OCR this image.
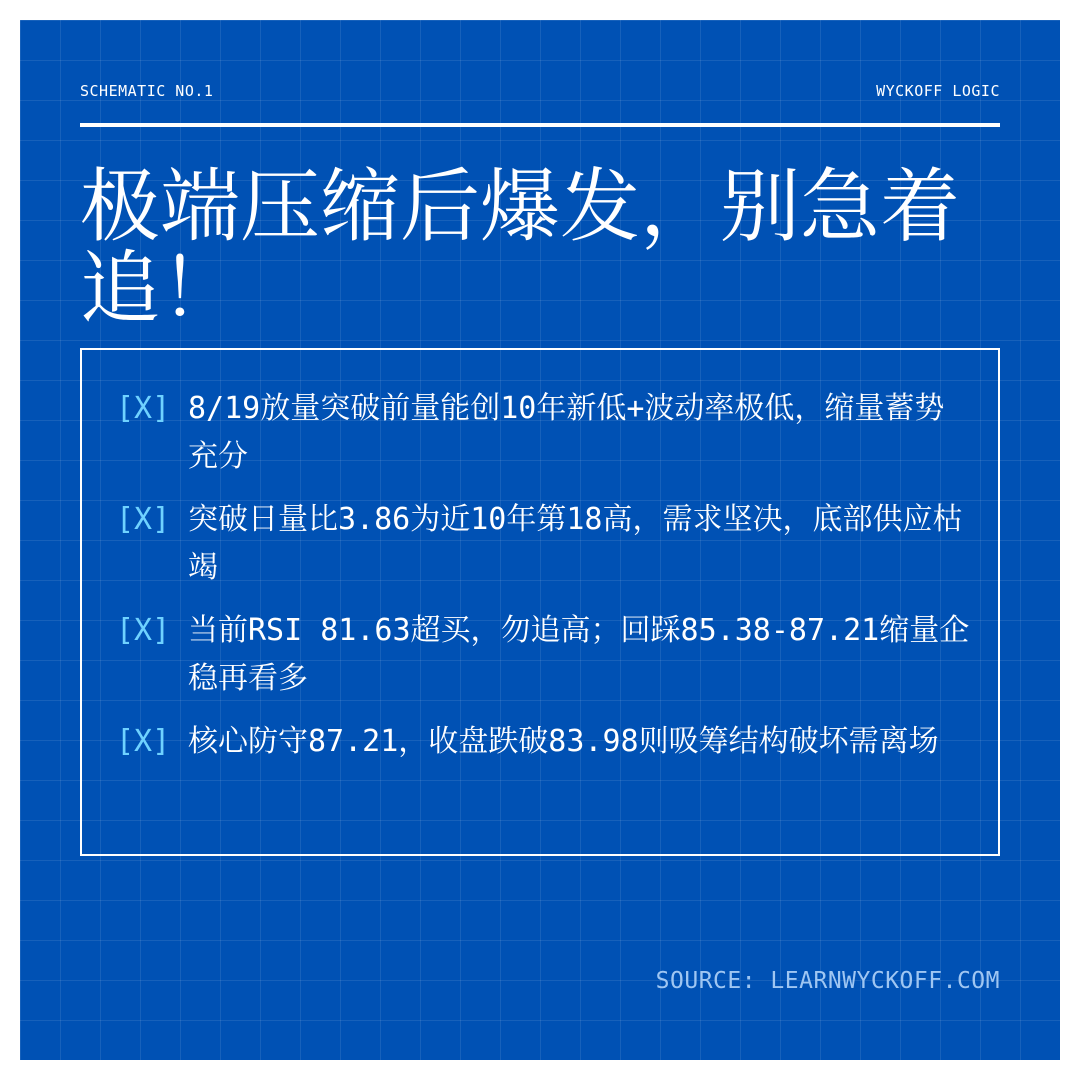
SCHEMATIC NO.1	WYCKOFF LOGIC
极端压缩后爆发，别急着追！
[X] 8/19放量突破前量能创10年新低+波动率极低，缩量蓄势充分
[X] 突破日量比3.86为近10年第18高，需求坚决，底部供应枯竭
[X] 当前RSI 81.63超买，勿追高；回踩85.38-87.21缩量企稳再看多
[X] 核心防守87.21，收盘跌破83.98则吸筹结构破坏需离场
SOURCE: LEARNWYCKOFF.COM
